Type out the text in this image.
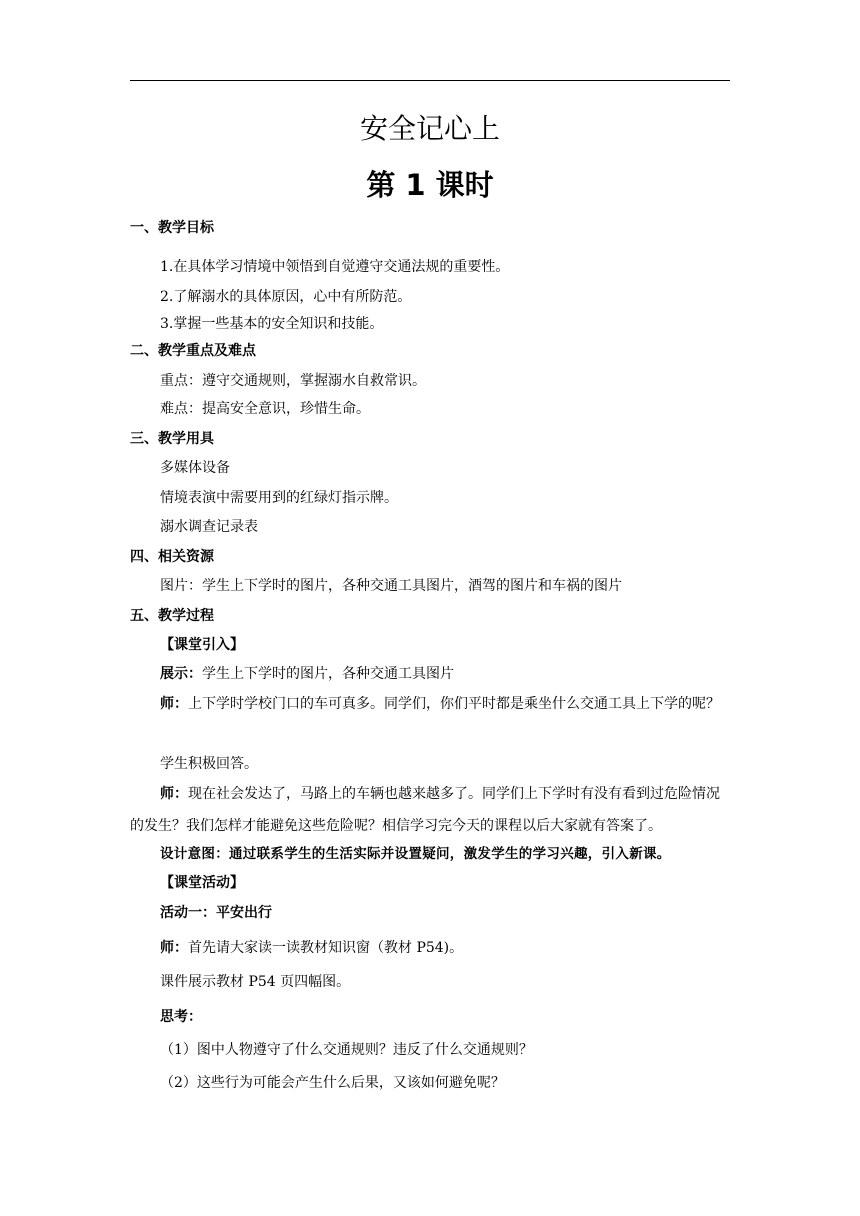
安全记心上
第 1 课时
一、教学目标
1.在具体学习情境中领悟到自觉遵守交通法规的重要性。
2.了解溺水的具体原因，心中有所防范。
3.掌握一些基本的安全知识和技能。
二、教学重点及难点
重点：遵守交通规则，掌握溺水自救常识。
难点：提高安全意识，珍惜生命。
三、教学用具
多媒体设备
情境表演中需要用到的红绿灯指示牌。
溺水调查记录表
四、相关资源
图片：学生上下学时的图片，各种交通工具图片，酒驾的图片和车祸的图片
五、教学过程
【课堂引入】
展示：学生上下学时的图片，各种交通工具图片
师：上下学时学校门口的车可真多。同学们，你们平时都是乘坐什么交通工具上下学的呢？
学生积极回答。
师：现在社会发达了，马路上的车辆也越来越多了。同学们上下学时有没有看到过危险情况的发生？我们怎样才能避免这些危险呢？相信学习完今天的课程以后大家就有答案了。
设计意图：通过联系学生的生活实际并设置疑问，激发学生的学习兴趣，引入新课。
【课堂活动】
活动一：平安出行
师：首先请大家读一读教材知识窗（教材 P54)。
课件展示教材 P54 页四幅图。
思考：
（1）图中人物遵守了什么交通规则？违反了什么交通规则？
（2）这些行为可能会产生什么后果，又该如何避免呢？
